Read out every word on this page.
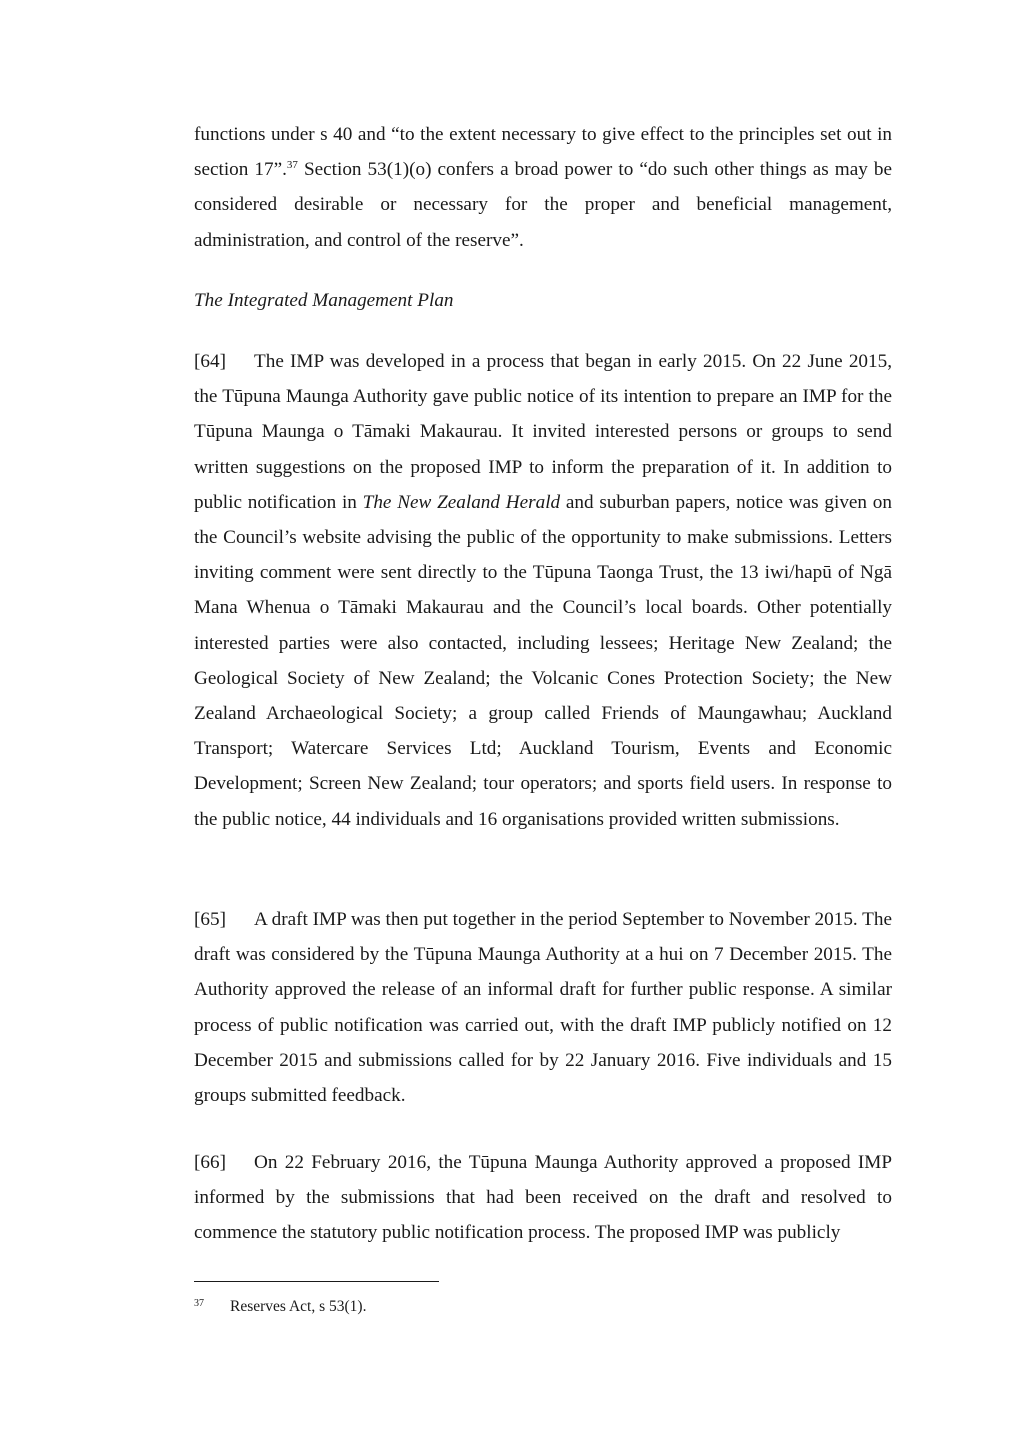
functions under s 40 and “to the extent necessary to give effect to the principles set out in section 17”.$^{37}$ Section 53(1)(o) confers a broad power to “do such other things as may be considered desirable or necessary for the proper and beneficial management, administration, and control of the reserve”.

The Integrated Management Plan

[64] The IMP was developed in a process that began in early 2015. On 22 June 2015, the Tūpuna Maunga Authority gave public notice of its intention to prepare an IMP for the Tūpuna Maunga o Tāmaki Makaurau. It invited interested persons or groups to send written suggestions on the proposed IMP to inform the preparation of it. In addition to public notification in The New Zealand Herald and suburban papers, notice was given on the Council’s website advising the public of the opportunity to make submissions. Letters inviting comment were sent directly to the Tūpuna Taonga Trust, the 13 iwi/hapū of Ngā Mana Whenua o Tāmaki Makaurau and the Council’s local boards. Other potentially interested parties were also contacted, including lessees; Heritage New Zealand; the Geological Society of New Zealand; the Volcanic Cones Protection Society; the New Zealand Archaeological Society; a group called Friends of Maungawhau; Auckland Transport; Watercare Services Ltd; Auckland Tourism, Events and Economic Development; Screen New Zealand; tour operators; and sports field users. In response to the public notice, 44 individuals and 16 organisations provided written submissions.

[65] A draft IMP was then put together in the period September to November 2015. The draft was considered by the Tūpuna Maunga Authority at a hui on 7 December 2015. The Authority approved the release of an informal draft for further public response. A similar process of public notification was carried out, with the draft IMP publicly notified on 12 December 2015 and submissions called for by 22 January 2016. Five individuals and 15 groups submitted feedback.

[66] On 22 February 2016, the Tūpuna Maunga Authority approved a proposed IMP informed by the submissions that had been received on the draft and resolved to commence the statutory public notification process. The proposed IMP was publicly

37 Reserves Act, s 53(1).
